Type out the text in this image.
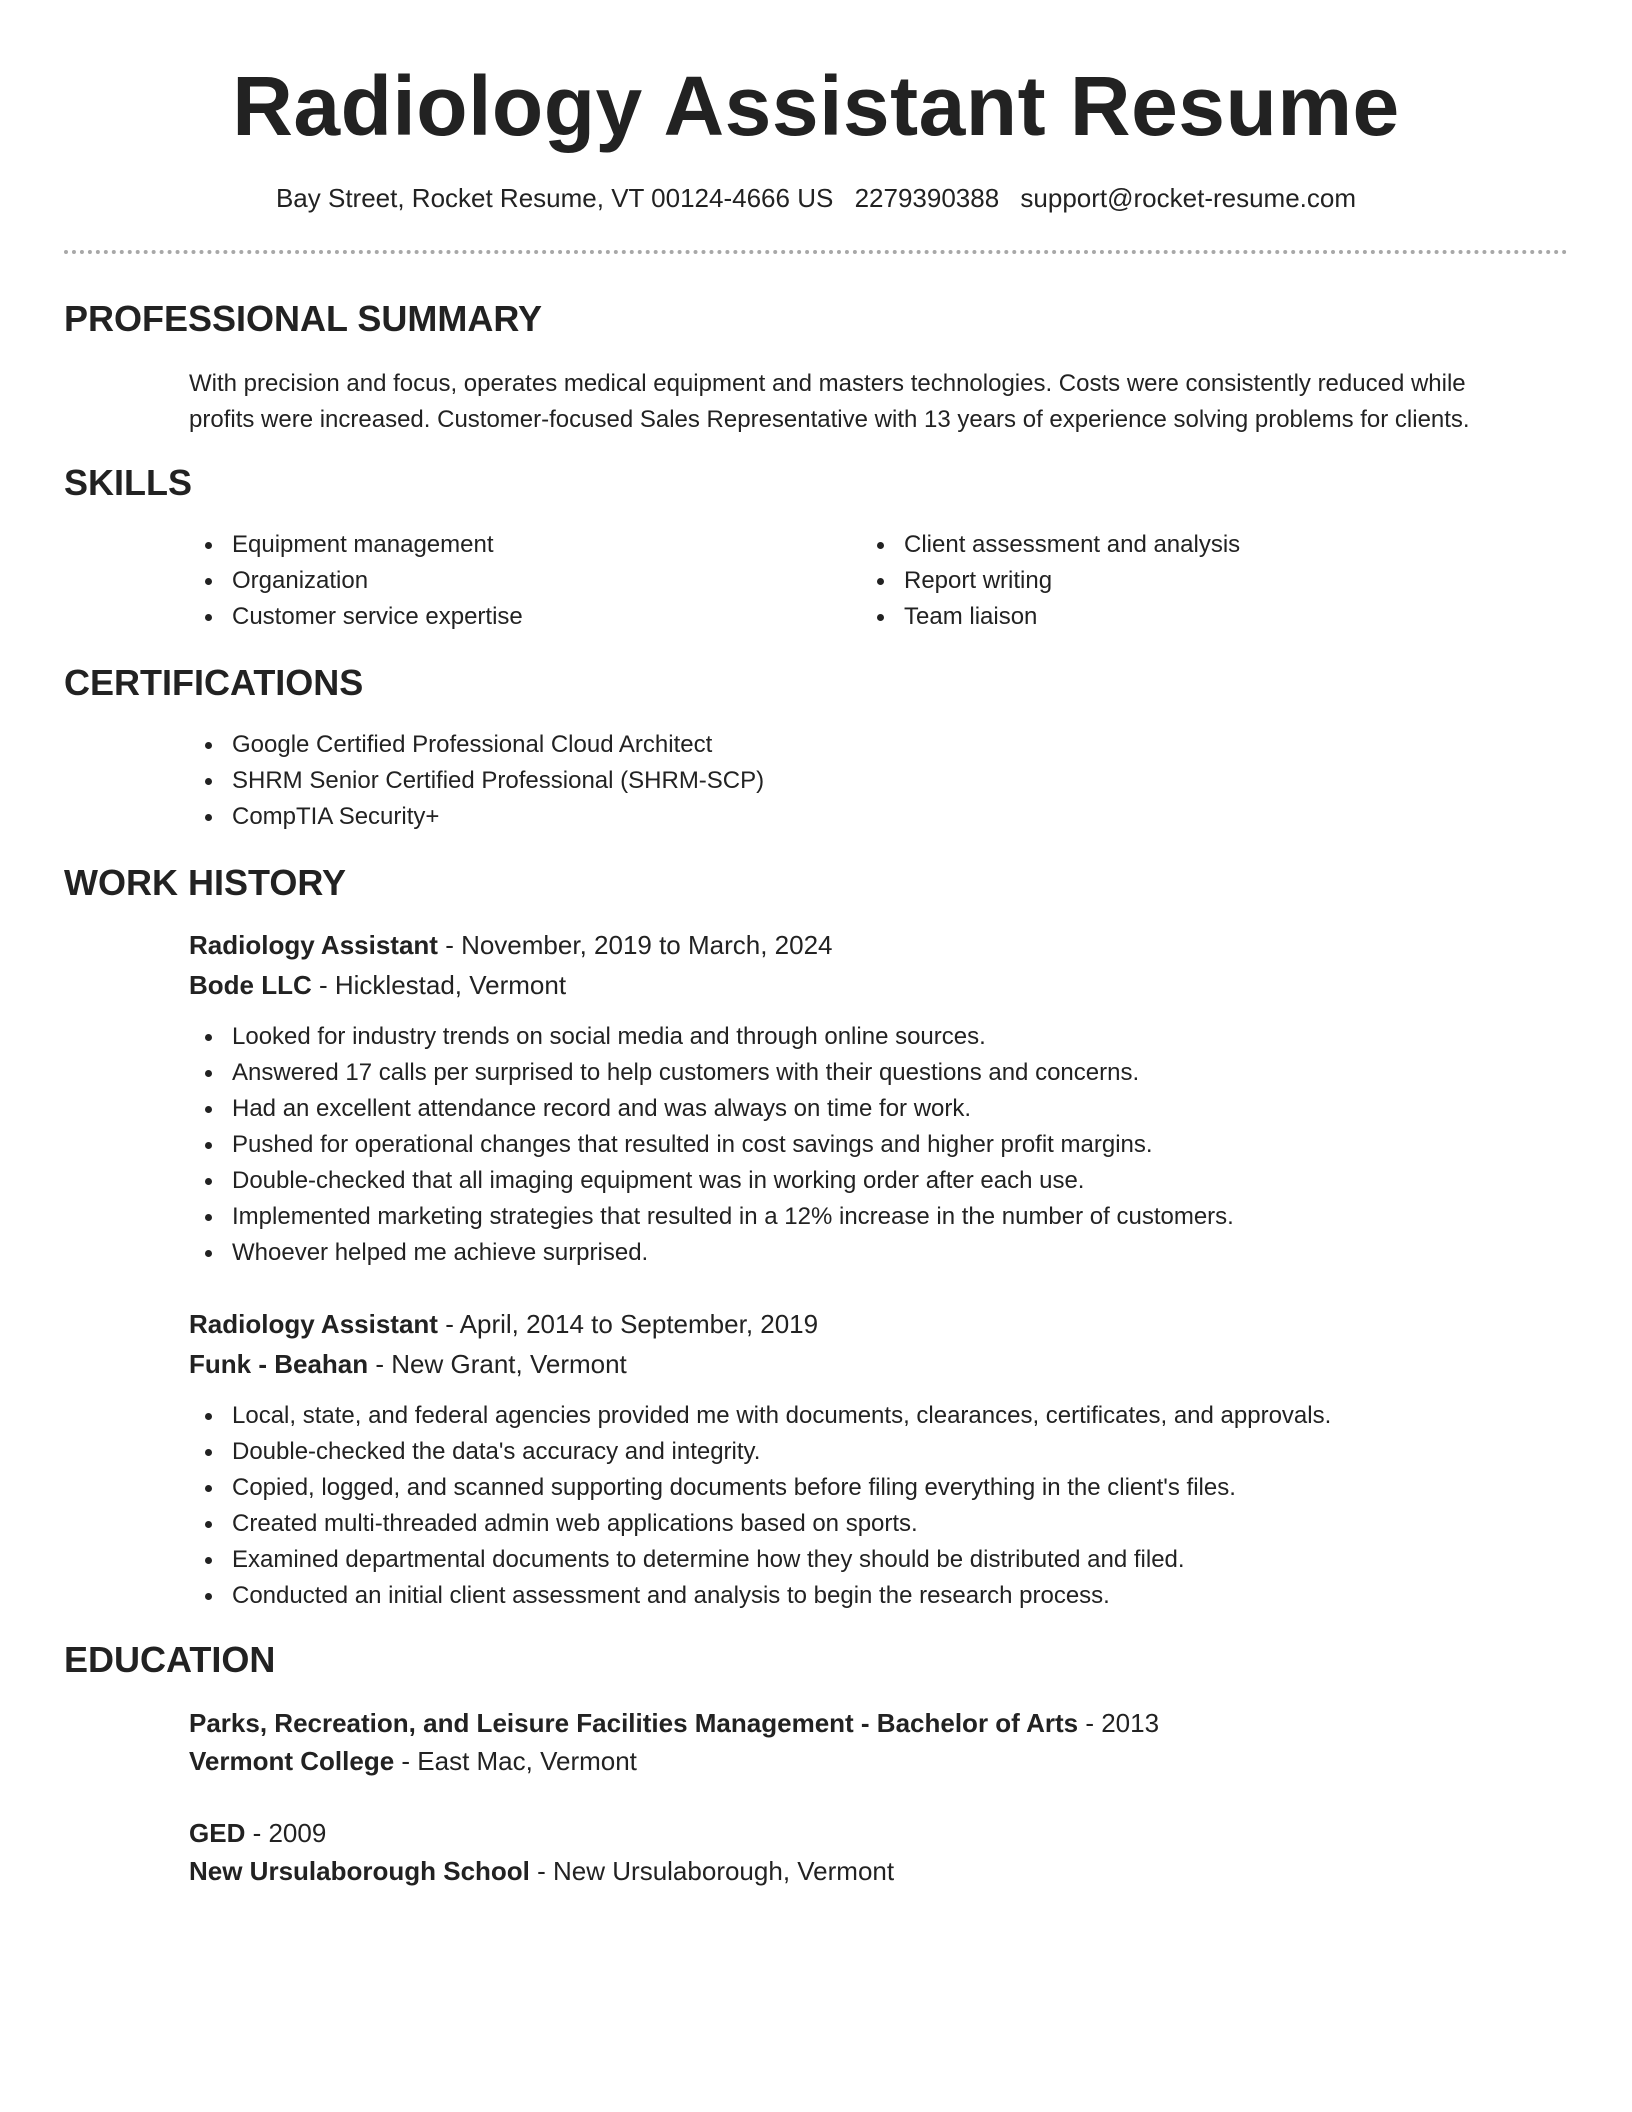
Radiology Assistant Resume
Bay Street, Rocket Resume, VT 00124-4666 US 2279390388 support@rocket-resume.com
PROFESSIONAL SUMMARY

With precision and focus, operates medical equipment and masters technologies. Costs were consistently reduced while profits were increased. Customer-focused Sales Representative with 13 years of experience solving problems for clients.

SKILLS
Equipment management
Organization
Customer service expertise
Client assessment and analysis
Report writing
Team liaison
CERTIFICATIONS
Google Certified Professional Cloud Architect
SHRM Senior Certified Professional (SHRM-SCP)
CompTIA Security+
WORK HISTORY
Radiology Assistant - November, 2019 to March, 2024
Bode LLC - Hicklestad, Vermont
Looked for industry trends on social media and through online sources.
Answered 17 calls per surprised to help customers with their questions and concerns.
Had an excellent attendance record and was always on time for work.
Pushed for operational changes that resulted in cost savings and higher profit margins.
Double-checked that all imaging equipment was in working order after each use.
Implemented marketing strategies that resulted in a 12% increase in the number of customers.
Whoever helped me achieve surprised.
Radiology Assistant - April, 2014 to September, 2019
Funk - Beahan - New Grant, Vermont
Local, state, and federal agencies provided me with documents, clearances, certificates, and approvals.
Double-checked the data's accuracy and integrity.
Copied, logged, and scanned supporting documents before filing everything in the client's files.
Created multi-threaded admin web applications based on sports.
Examined departmental documents to determine how they should be distributed and filed.
Conducted an initial client assessment and analysis to begin the research process.
EDUCATION
Parks, Recreation, and Leisure Facilities Management - Bachelor of Arts - 2013
Vermont College - East Mac, Vermont
GED - 2009
New Ursulaborough School - New Ursulaborough, Vermont
